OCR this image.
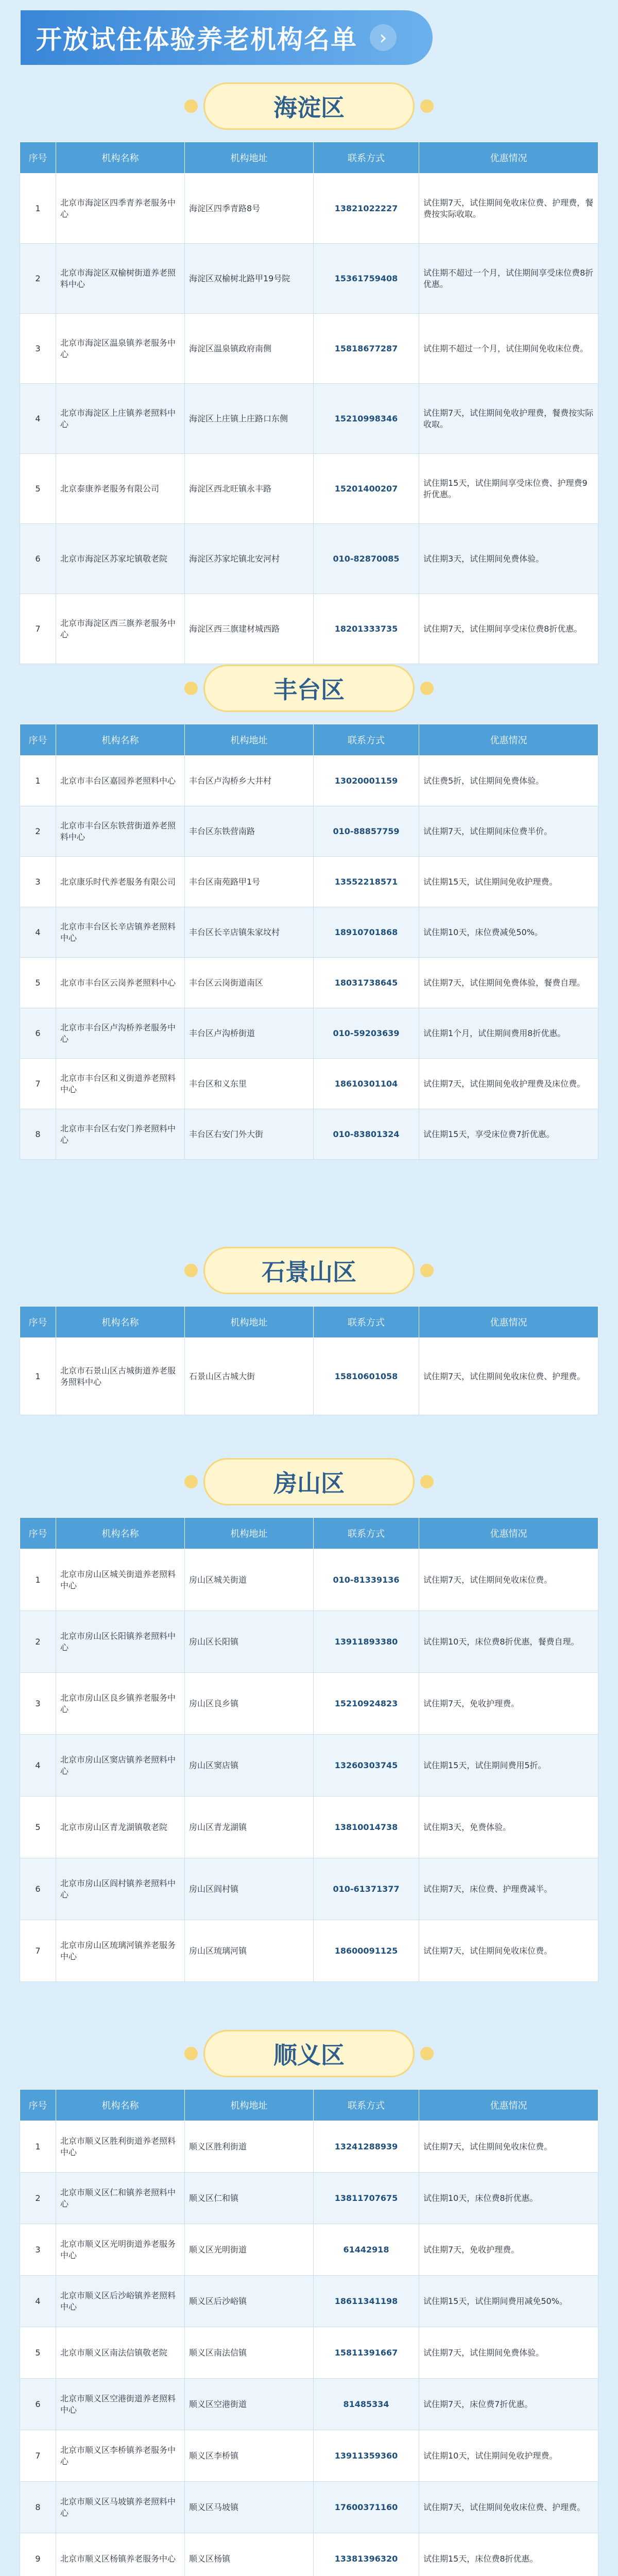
开放试住体验养老机构名单	›
海淀区
序号	机构名称	机构地址	联系方式	优惠情况
1	北京市海淀区四季青养老服务中心	海淀区四季青路8号	13821022227	试住期7天，试住期间免收床位费、护理费，餐费按实际收取。
2	北京市海淀区双榆树街道养老照料中心	海淀区双榆树北路甲19号院	15361759408	试住期不超过一个月，试住期间享受床位费8折优惠。
3	北京市海淀区温泉镇养老服务中心	海淀区温泉镇政府南侧	15818677287	试住期不超过一个月，试住期间免收床位费。
4	北京市海淀区上庄镇养老照料中心	海淀区上庄镇上庄路口东侧	15210998346	试住期7天，试住期间免收护理费，餐费按实际收取。
5	北京泰康养老服务有限公司	海淀区西北旺镇永丰路	15201400207	试住期15天，试住期间享受床位费、护理费9折优惠。
6	北京市海淀区苏家坨镇敬老院	海淀区苏家坨镇北安河村	010-82870085	试住期3天，试住期间免费体验。
7	北京市海淀区西三旗养老服务中心	海淀区西三旗建材城西路	18201333735	试住期7天，试住期间享受床位费8折优惠。
丰台区
序号	机构名称	机构地址	联系方式	优惠情况
1	北京市丰台区嘉园养老照料中心	丰台区卢沟桥乡大井村	13020001159	试住费5折，试住期间免费体验。
2	北京市丰台区东铁营街道养老照料中心	丰台区东铁营南路	010-88857759	试住期7天，试住期间床位费半价。
3	北京康乐时代养老服务有限公司	丰台区南苑路甲1号	13552218571	试住期15天，试住期间免收护理费。
4	北京市丰台区长辛店镇养老照料中心	丰台区长辛店镇朱家坟村	18910701868	试住期10天，床位费减免50%。
5	北京市丰台区云岗养老照料中心	丰台区云岗街道南区	18031738645	试住期7天，试住期间免费体验，餐费自理。
6	北京市丰台区卢沟桥养老服务中心	丰台区卢沟桥街道	010-59203639	试住期1个月，试住期间费用8折优惠。
7	北京市丰台区和义街道养老照料中心	丰台区和义东里	18610301104	试住期7天，试住期间免收护理费及床位费。
8	北京市丰台区右安门养老照料中心	丰台区右安门外大街	010-83801324	试住期15天，享受床位费7折优惠。
石景山区
序号	机构名称	机构地址	联系方式	优惠情况
1	北京市石景山区古城街道养老服务照料中心	石景山区古城大街	15810601058	试住期7天，试住期间免收床位费、护理费。
房山区
序号	机构名称	机构地址	联系方式	优惠情况
1	北京市房山区城关街道养老照料中心	房山区城关街道	010-81339136	试住期7天，试住期间免收床位费。
2	北京市房山区长阳镇养老照料中心	房山区长阳镇	13911893380	试住期10天，床位费8折优惠，餐费自理。
3	北京市房山区良乡镇养老服务中心	房山区良乡镇	15210924823	试住期7天，免收护理费。
4	北京市房山区窦店镇养老照料中心	房山区窦店镇	13260303745	试住期15天，试住期间费用5折。
5	北京市房山区青龙湖镇敬老院	房山区青龙湖镇	13810014738	试住期3天，免费体验。
6	北京市房山区阎村镇养老照料中心	房山区阎村镇	010-61371377	试住期7天，床位费、护理费减半。
7	北京市房山区琉璃河镇养老服务中心	房山区琉璃河镇	18600091125	试住期7天，试住期间免收床位费。
顺义区
序号	机构名称	机构地址	联系方式	优惠情况
1	北京市顺义区胜利街道养老照料中心	顺义区胜利街道	13241288939	试住期7天，试住期间免收床位费。
2	北京市顺义区仁和镇养老照料中心	顺义区仁和镇	13811707675	试住期10天，床位费8折优惠。
3	北京市顺义区光明街道养老服务中心	顺义区光明街道	61442918	试住期7天，免收护理费。
4	北京市顺义区后沙峪镇养老照料中心	顺义区后沙峪镇	18611341198	试住期15天，试住期间费用减免50%。
5	北京市顺义区南法信镇敬老院	顺义区南法信镇	15811391667	试住期7天，试住期间免费体验。
6	北京市顺义区空港街道养老照料中心	顺义区空港街道	81485334	试住期7天，床位费7折优惠。
7	北京市顺义区李桥镇养老服务中心	顺义区李桥镇	13911359360	试住期10天，试住期间免收护理费。
8	北京市顺义区马坡镇养老照料中心	顺义区马坡镇	17600371160	试住期7天，试住期间免收床位费、护理费。
9	北京市顺义区杨镇养老服务中心	顺义区杨镇	13381396320	试住期15天，床位费8折优惠。
